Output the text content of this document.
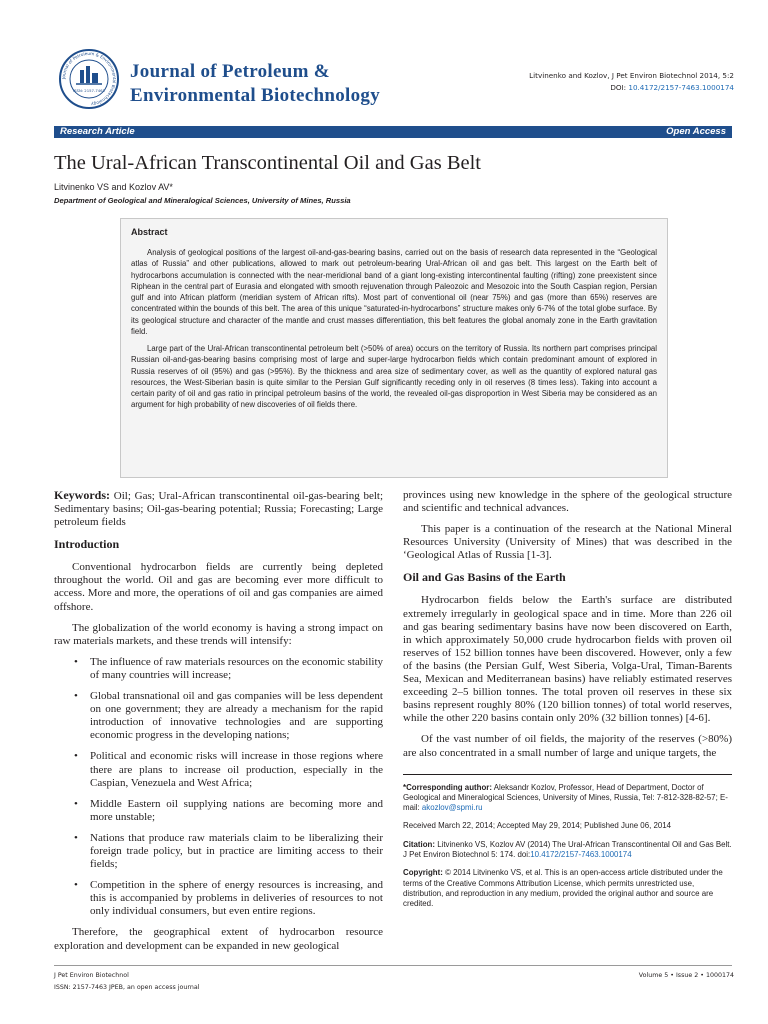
Journal of Petroleum & Environmental Biotechnology
ISSN: 2157-7463
Journal of Petroleum &
Environmental Biotechnology
Litvinenko and Kozlov, J Pet Environ Biotechnol 2014, 5:2
DOI: 10.4172/2157-7463.1000174
Research Article	Open Access
The Ural-African Transcontinental Oil and Gas Belt
Litvinenko VS and Kozlov AV*
Department of Geological and Mineralogical Sciences, University of Mines, Russia
Abstract

Analysis of geological positions of the largest oil-and-gas-bearing basins, carried out on the basis of research data represented in the “Geological atlas of Russia” and other publications, allowed to mark out petroleum-bearing Ural-African oil and gas belt. This largest on the Earth belt of hydrocarbons accumulation is connected with the near-meridional band of a giant long-existing intercontinental faulting (rifting) zone preexistent since Riphean in the central part of Eurasia and elongated with smooth rejuvenation through Paleozoic and Mesozoic into the South Caspian region, Persian gulf and into African platform (meridian system of African rifts). Most part of conventional oil (near 75%) and gas (more than 65%) reserves are concentrated within the bounds of this belt. The area of this unique “saturated-in-hydrocarbons” structure makes only 6-7% of the total globe surface. By its geological structure and character of the mantle and crust masses differentiation, this belt features the global anomaly zone in the Earth gravitation field.

Large part of the Ural-African transcontinental petroleum belt (>50% of area) occurs on the territory of Russia. Its northern part comprises principal Russian oil-and-gas-bearing basins comprising most of large and super-large hydrocarbon fields which contain predominant amount of explored in Russia reserves of oil (95%) and gas (>95%). By the thickness and area size of sedimentary cover, as well as the quantity of explored natural gas resources, the West-Siberian basin is quite similar to the Persian Gulf significantly receding only in oil reserves (8 times less). Taking into account a certain parity of oil and gas ratio in principal petroleum basins of the world, the revealed oil-gas disproportion in West Siberia may be considered as an argument for high probability of new discoveries of oil fields there.

Keywords: Oil; Gas; Ural-African transcontinental oil-gas-bearing belt; Sedimentary basins; Oil-gas-bearing potential; Russia; Forecasting; Large petroleum fields

Introduction

Conventional hydrocarbon fields are currently being depleted throughout the world. Oil and gas are becoming ever more difficult to access. More and more, the operations of oil and gas companies are aimed offshore.

The globalization of the world economy is having a strong impact on raw materials markets, and these trends will intensify:

• The influence of raw materials resources on the economic stability of many countries will increase;
• Global transnational oil and gas companies will be less dependent on one government; they are already a mechanism for the rapid introduction of innovative technologies and are supporting economic progress in the developing nations;
• Political and economic risks will increase in those regions where there are plans to increase oil production, especially in the Caspian, Venezuela and West Africa;
• Middle Eastern oil supplying nations are becoming more and more unstable;
• Nations that produce raw materials claim to be liberalizing their foreign trade policy, but in practice are limiting access to their fields;
• Competition in the sphere of energy resources is increasing, and this is accompanied by problems in deliveries of resources to not only individual consumers, but even entire regions.

Therefore, the geographical extent of hydrocarbon resource exploration and development can be expanded in new geological

provinces using new knowledge in the sphere of the geological structure and scientific and technical advances.

This paper is a continuation of the research at the National Mineral Resources University (University of Mines) that was described in the ‘Geological Atlas of Russia [1-3].

Oil and Gas Basins of the Earth

Hydrocarbon fields below the Earth's surface are distributed extremely irregularly in geological space and in time. More than 226 oil and gas bearing sedimentary basins have now been discovered on Earth, in which approximately 50,000 crude hydrocarbon fields with proven oil reserves of 152 billion tonnes have been discovered. However, only a few of the basins (the Persian Gulf, West Siberia, Volga-Ural, Timan-Barents Sea, Mexican and Mediterranean basins) have reliably estimated reserves exceeding 2–5 billion tonnes. The total proven oil reserves in these six basins represent roughly 80% (120 billion tonnes) of total world reserves, while the other 220 basins contain only 20% (32 billion tonnes) [4-6].

Of the vast number of oil fields, the majority of the reserves (>80%) are also concentrated in a small number of large and unique targets, the

*Corresponding author: Aleksandr Kozlov, Professor, Head of Department, Doctor of Geological and Mineralogical Sciences, University of Mines, Russia, Tel: 7-812-328-82-57; E-mail: akozlov@spmi.ru
Received March 22, 2014; Accepted May 29, 2014; Published June 06, 2014
Citation: Litvinenko VS, Kozlov AV (2014) The Ural-African Transcontinental Oil and Gas Belt. J Pet Environ Biotechnol 5: 174. doi:10.4172/2157-7463.1000174
Copyright: © 2014 Litvinenko VS, et al. This is an open-access article distributed under the terms of the Creative Commons Attribution License, which permits unrestricted use, distribution, and reproduction in any medium, provided the original author and source are credited.
J Pet Environ Biotechnol
ISSN: 2157-7463 JPEB, an open access journal
Volume 5 • Issue 2 • 1000174
